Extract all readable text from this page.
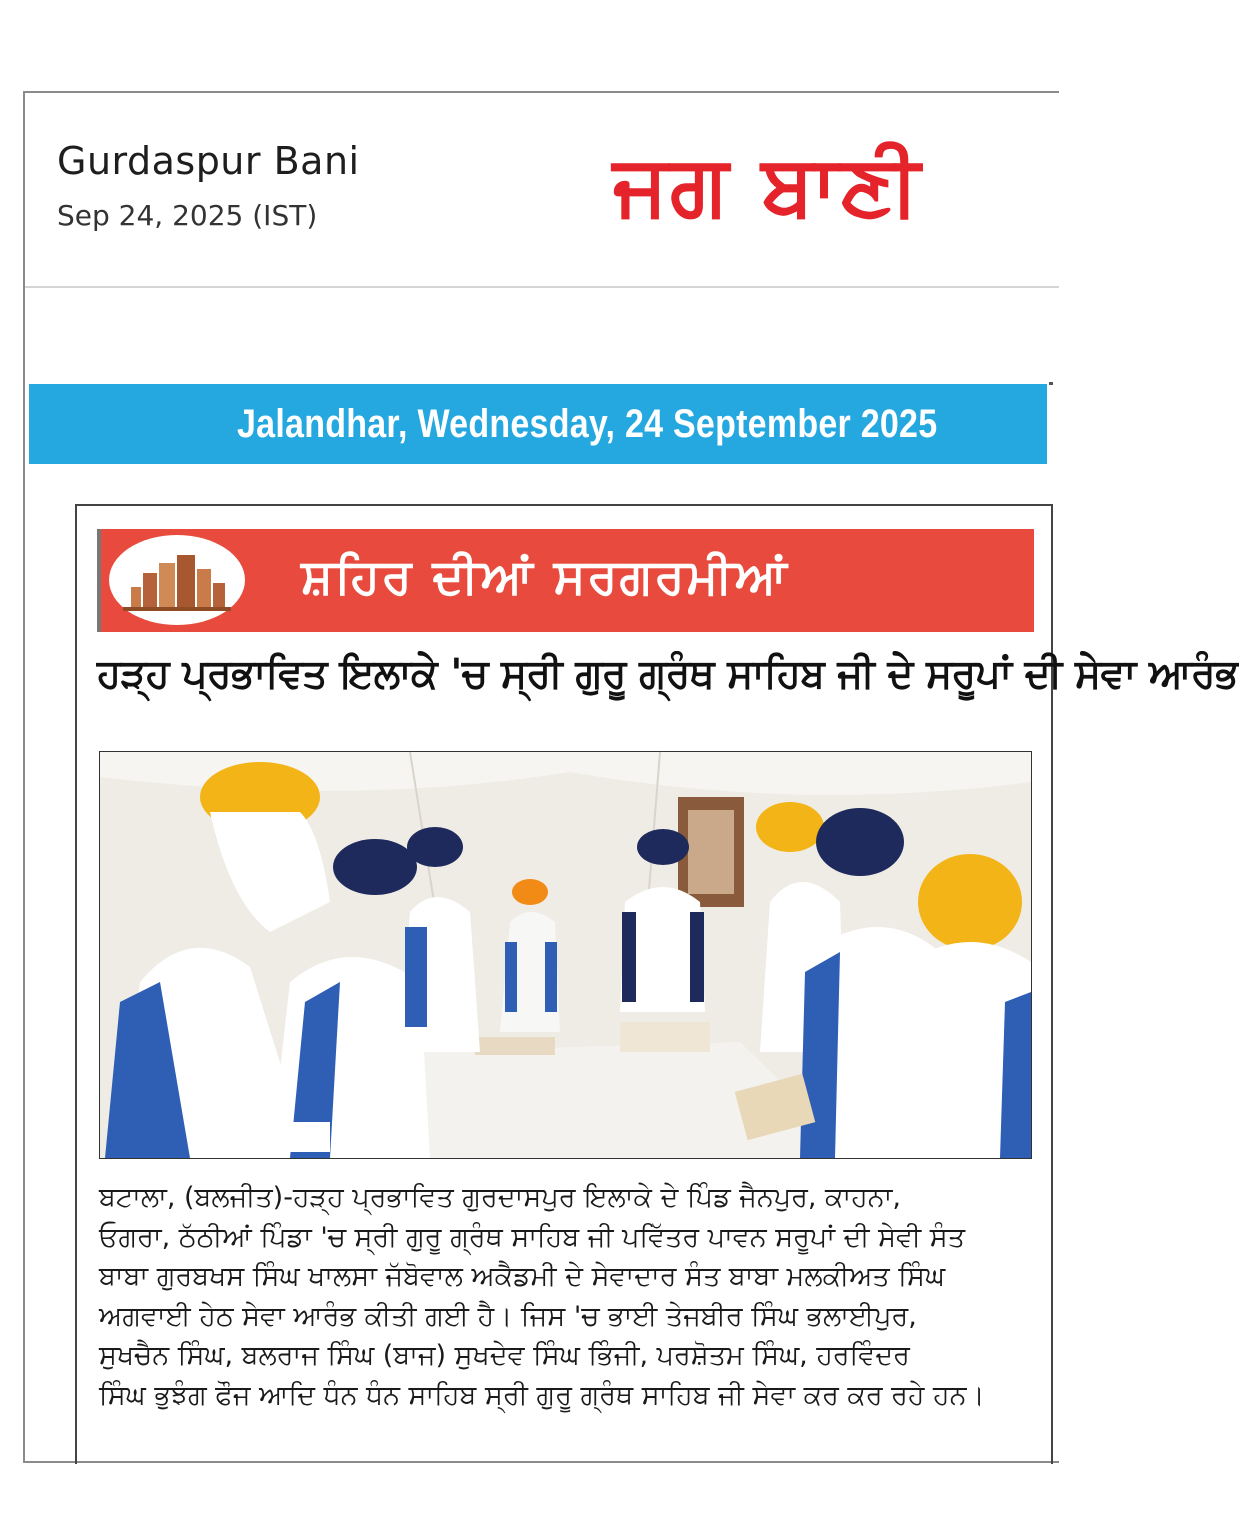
Gurdaspur Bani
Sep 24, 2025 (IST)	ਜਗ ਬਾਣੀ
Jalandhar, Wednesday, 24 September 2025
ਸ਼ਹਿਰ ਦੀਆਂ ਸਰਗਰਮੀਆਂ
ਹੜ੍ਹ ਪ੍ਰਭਾਵਿਤ ਇਲਾਕੇ 'ਚ ਸ੍ਰੀ ਗੁਰੂ ਗ੍ਰੰਥ ਸਾਹਿਬ ਜੀ ਦੇ ਸਰੂਪਾਂ ਦੀ ਸੇਵਾ ਆਰੰਭ
ਬਟਾਲਾ, (ਬਲਜੀਤ)-ਹੜ੍ਹ ਪ੍ਰਭਾਵਿਤ ਗੁਰਦਾਸਪੁਰ ਇਲਾਕੇ ਦੇ ਪਿੰਡ ਜੈਨਪੁਰ, ਕਾਹਨਾ,
ਓਗਰਾ, ਠੱਠੀਆਂ ਪਿੰਡਾ 'ਚ ਸ੍ਰੀ ਗੁਰੂ ਗ੍ਰੰਥ ਸਾਹਿਬ ਜੀ ਪਵਿੱਤਰ ਪਾਵਨ ਸਰੂਪਾਂ ਦੀ ਸੇਵੀ ਸੰਤ
ਬਾਬਾ ਗੁਰਬਖਸ ਸਿੰਘ ਖਾਲਸਾ ਜੱਬੋਵਾਲ ਅਕੈਡਮੀ ਦੇ ਸੇਵਾਦਾਰ ਸੰਤ ਬਾਬਾ ਮਲਕੀਅਤ ਸਿੰਘ
ਅਗਵਾਈ ਹੇਠ ਸੇਵਾ ਆਰੰਭ ਕੀਤੀ ਗਈ ਹੈ। ਜਿਸ 'ਚ ਭਾਈ ਤੇਜਬੀਰ ਸਿੰਘ ਭਲਾਈਪੁਰ,
ਸੁਖਚੈਨ ਸਿੰਘ, ਬਲਰਾਜ ਸਿੰਘ (ਬਾਜ) ਸੁਖਦੇਵ ਸਿੰਘ ਭਿੰਜੀ, ਪਰਸ਼ੋਤਮ ਸਿੰਘ, ਹਰਵਿੰਦਰ
ਸਿੰਘ ਭੁਝੰਗ ਫੌਜ ਆਦਿ ਧੰਨ ਧੰਨ ਸਾਹਿਬ ਸ੍ਰੀ ਗੁਰੂ ਗ੍ਰੰਥ ਸਾਹਿਬ ਜੀ ਸੇਵਾ ਕਰ ਕਰ ਰਹੇ ਹਨ।
